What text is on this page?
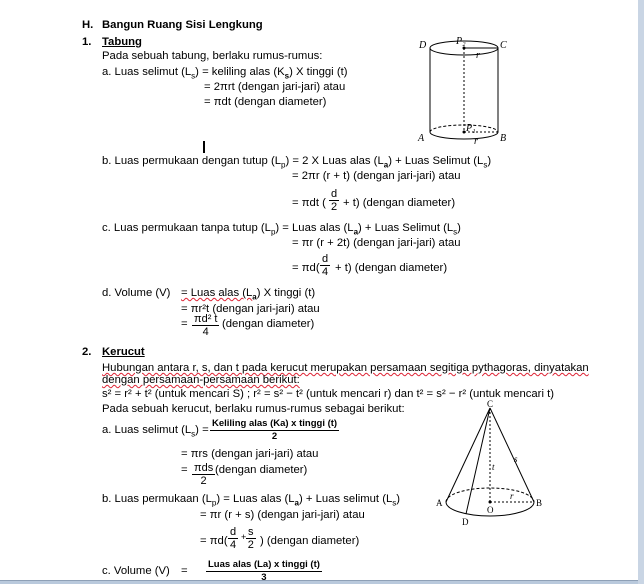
H. Bangun Ruang Sisi Lengkung
1. Tabung
Pada sebuah tabung, berlaku rumus-rumus:
a. Luas selimut $(L_s)$ = keliling alas $(K_s)$ X tinggi (t)
= 2πrt (dengan jari-jari) atau
= πdt (dengan diameter)
D	C
A	B
P₂
P₁
r
r
b. Luas permukaan dengan tutup $(L_p) = 2$ X Luas alas $(L_a)$ + Luas Selimut $(L_s)$
= 2πr (r + t) (dengan jari-jari) atau
= πdt ( $\frac{d}{2} + t$) (dengan diameter)
c. Luas permukaan tanpa tutup $(L_p)$ = Luas alas $(L_a)$ + Luas Selimut $(L_s)$
= πr (r + 2t) (dengan jari-jari) atau
= $\pi d( \frac{d}{4} + t)$ (dengan diameter)
d. Volume (V) = Luas alas $(L_a)$ X tinggi (t)
= πr²t (dengan jari-jari) atau
= $\frac{\text{πd² t}}{4}$ (dengan diameter)
2. Kerucut
Hubungan antara r, s, dan t pada kerucut merupakan persamaan segitiga pythagoras, dinyatakan
dengan persamaan-persamaan berikut:
s² = r² + t² (untuk mencari S) ; r² = s² − t² (untuk mencari r) dan t² = s² − r² (untuk mencari t)
Pada sebuah kerucut, berlaku rumus-rumus sebagai berikut:
a. Luas selimut $(L_s)$ =
Keliling alas (Ka) x tinggi (t)
2
= πrs (dengan jari-jari) atau
= πds
2
(dengan diameter)
b. Luas permukaan $(L_p)$ = Luas alas $(L_a)$ + Luas selimut $(L_s)$
= πr (r + s) (dengan jari-jari) atau
= $\pi d( \frac{d}{4} + \frac{s}{2}$ ) (dengan diameter)
c. Volume (V) =
Luas alas (La) x tinggi (t)
3
C
A	B
D
O
s
t
r
